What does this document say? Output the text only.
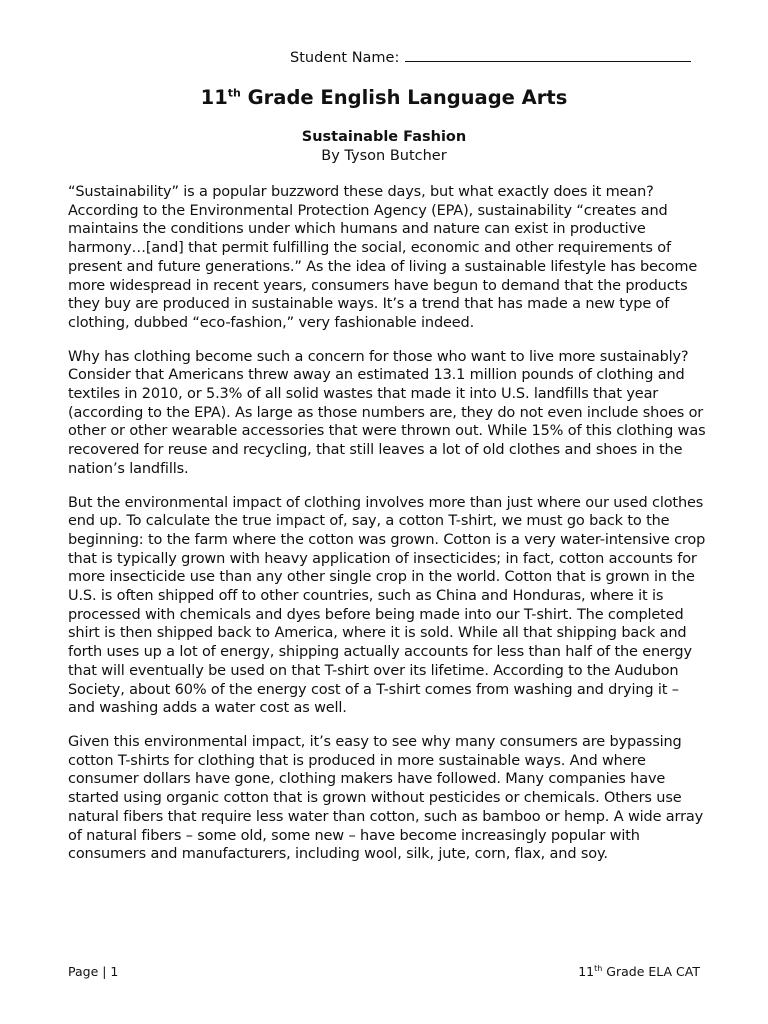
Student Name:
11th Grade English Language Arts
Sustainable Fashion
By Tyson Butcher

“Sustainability” is a popular buzzword these days, but what exactly does it mean? According to the Environmental Protection Agency (EPA), sustainability “creates and maintains the conditions under which humans and nature can exist in productive harmony…[and] that permit fulfilling the social, economic and other requirements of present and future generations.” As the idea of living a sustainable lifestyle has become more widespread in recent years, consumers have begun to demand that the products they buy are produced in sustainable ways. It’s a trend that has made a new type of clothing, dubbed “eco-fashion,” very fashionable indeed.

Why has clothing become such a concern for those who want to live more sustainably? Consider that Americans threw away an estimated 13.1 million pounds of clothing and textiles in 2010, or 5.3% of all solid wastes that made it into U.S. landfills that year (according to the EPA). As large as those numbers are, they do not even include shoes or other or other wearable accessories that were thrown out. While 15% of this clothing was recovered for reuse and recycling, that still leaves a lot of old clothes and shoes in the nation’s landfills.

But the environmental impact of clothing involves more than just where our used clothes end up. To calculate the true impact of, say, a cotton T-shirt, we must go back to the beginning: to the farm where the cotton was grown. Cotton is a very water-intensive crop that is typically grown with heavy application of insecticides; in fact, cotton accounts for more insecticide use than any other single crop in the world. Cotton that is grown in the U.S. is often shipped off to other countries, such as China and Honduras, where it is processed with chemicals and dyes before being made into our T-shirt. The completed shirt is then shipped back to America, where it is sold. While all that shipping back and forth uses up a lot of energy, shipping actually accounts for less than half of the energy that will eventually be used on that T-shirt over its lifetime. According to the Audubon Society, about 60% of the energy cost of a T-shirt comes from washing and drying it – and washing adds a water cost as well.

Given this environmental impact, it’s easy to see why many consumers are bypassing cotton T-shirts for clothing that is produced in more sustainable ways. And where consumer dollars have gone, clothing makers have followed. Many companies have started using organic cotton that is grown without pesticides or chemicals. Others use natural fibers that require less water than cotton, such as bamboo or hemp. A wide array of natural fibers – some old, some new – have become increasingly popular with consumers and manufacturers, including wool, silk, jute, corn, flax, and soy.

Page | 1	11th Grade ELA CAT
